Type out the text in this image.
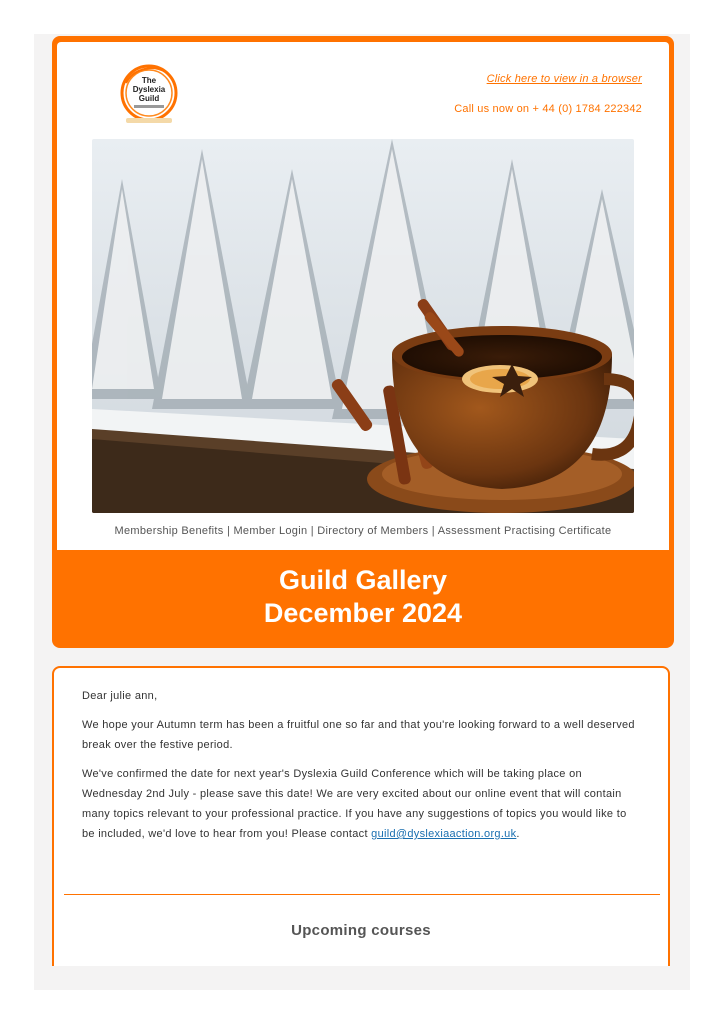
The
Dyslexia
Guild
Click here to view in a browser
Call us now on + 44 (0) 1784 222342
Membership Benefits | Member Login | Directory of Members | Assessment Practising Certificate
Guild Gallery
December 2024

Dear julie ann,

We hope your Autumn term has been a fruitful one so far and that you're looking forward to a well deserved break over the festive period.

We've confirmed the date for next year's Dyslexia Guild Conference which will be taking place on Wednesday 2nd July - please save this date! We are very excited about our online event that will contain many topics relevant to your professional practice. If you have any suggestions of topics you would like to be included, we'd love to hear from you! Please contact guild@dyslexiaaction.org.uk.

Upcoming courses
